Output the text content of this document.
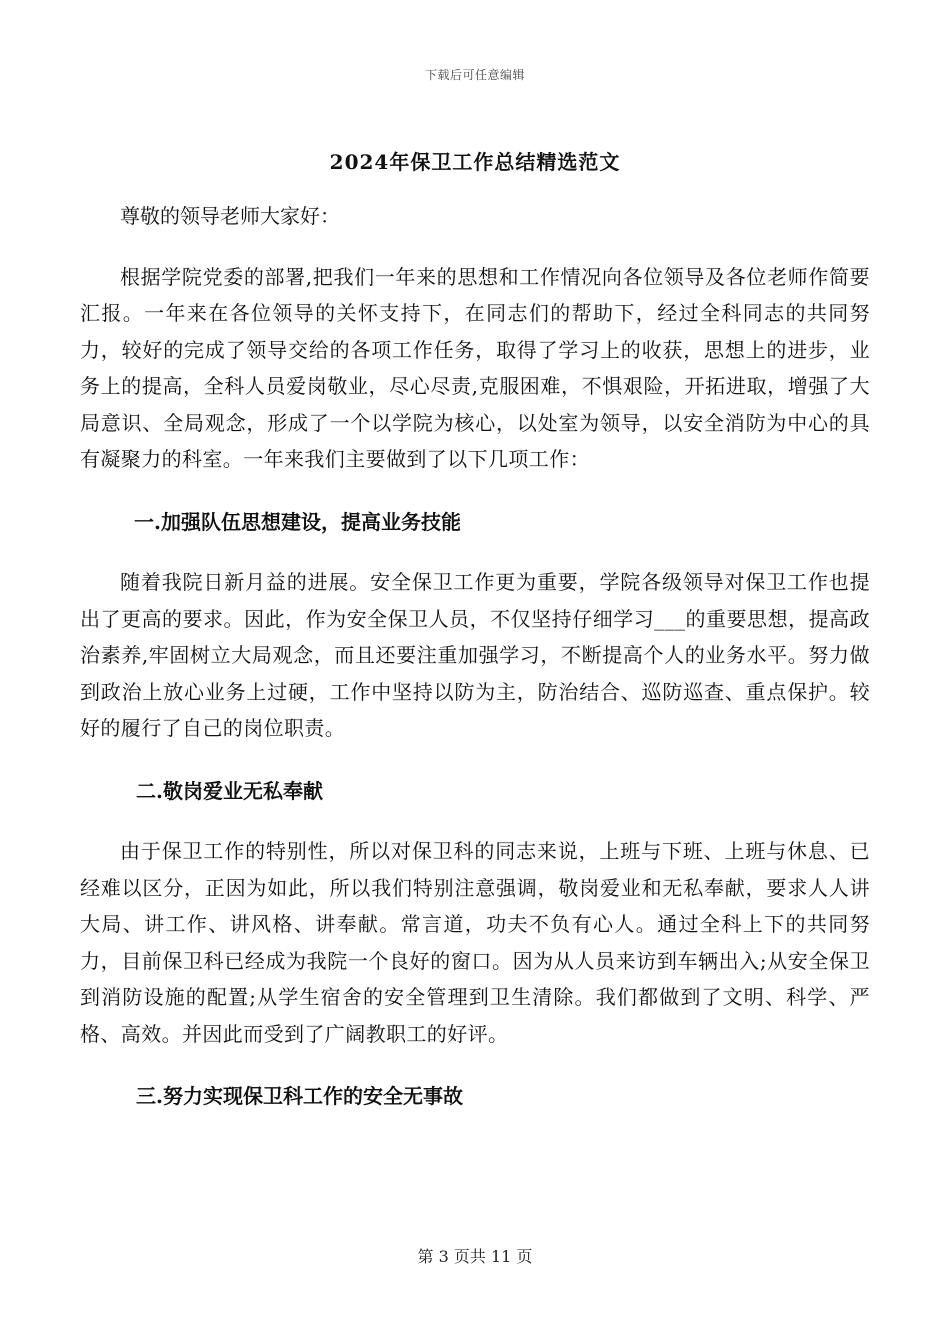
下载后可任意编辑
2024年保卫工作总结精选范文

尊敬的领导老师大家好：

根据学院党委的部署,把我们一年来的思想和工作情况向各位领导及各位老师作简要汇报。一年来在各位领导的关怀支持下，在同志们的帮助下，经过全科同志的共同努力，较好的完成了领导交给的各项工作任务，取得了学习上的收获，思想上的进步，业务上的提高，全科人员爱岗敬业，尽心尽责,克服困难，不惧艰险，开拓进取，增强了大局意识、全局观念，形成了一个以学院为核心，以处室为领导，以安全消防为中心的具有凝聚力的科室。一年来我们主要做到了以下几项工作：

一.加强队伍思想建设，提高业务技能

随着我院日新月益的进展。安全保卫工作更为重要，学院各级领导对保卫工作也提出了更高的要求。因此，作为安全保卫人员，不仅坚持仔细学习___的重要思想，提高政治素养,牢固树立大局观念，而且还要注重加强学习，不断提高个人的业务水平。努力做到政治上放心业务上过硬，工作中坚持以防为主，防治结合、巡防巡查、重点保护。较好的履行了自己的岗位职责。

二.敬岗爱业无私奉献

由于保卫工作的特别性，所以对保卫科的同志来说，上班与下班、上班与休息、已经难以区分，正因为如此，所以我们特别注意强调，敬岗爱业和无私奉献，要求人人讲大局、讲工作、讲风格、讲奉献。常言道，功夫不负有心人。通过全科上下的共同努力，目前保卫科已经成为我院一个良好的窗口。因为从人员来访到车辆出入;从安全保卫到消防设施的配置;从学生宿舍的安全管理到卫生清除。我们都做到了文明、科学、严格、高效。并因此而受到了广阔教职工的好评。

三.努力实现保卫科工作的安全无事故

第 3 页共 11 页
